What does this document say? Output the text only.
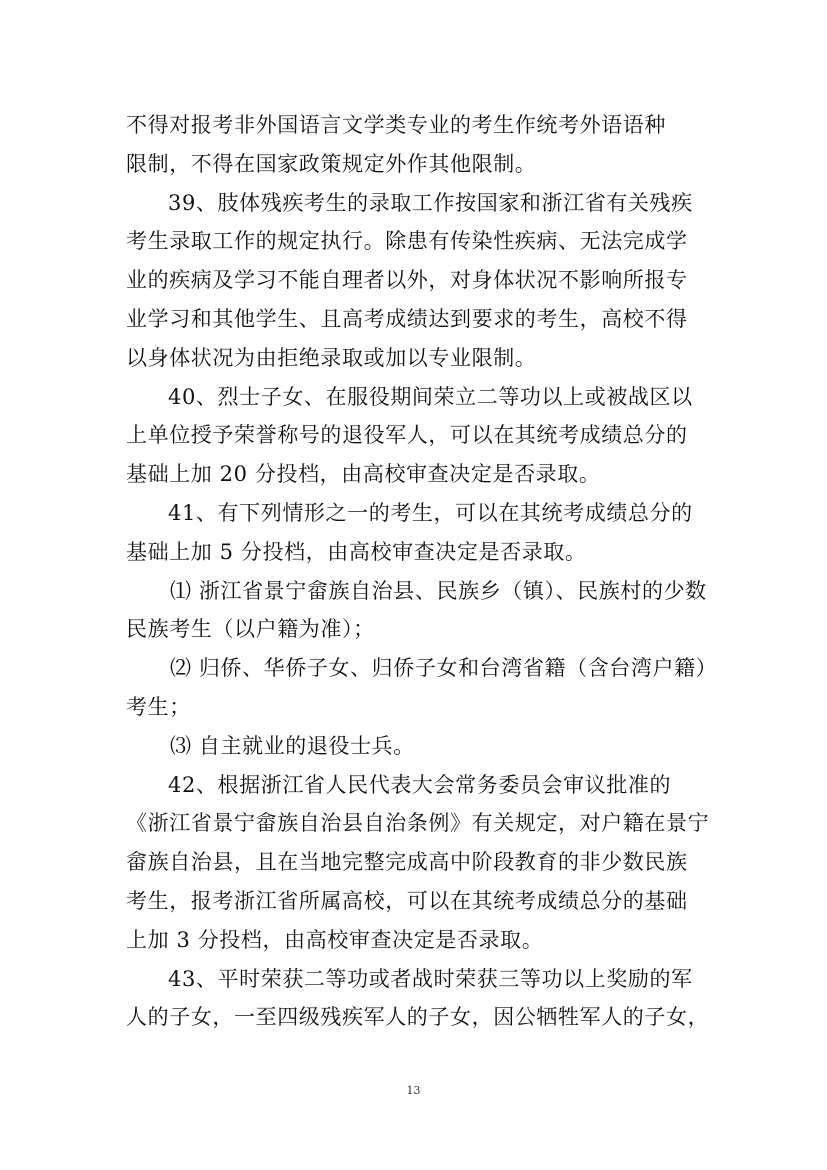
不得对报考非外国语言文学类专业的考生作统考外语语种
限制，不得在国家政策规定外作其他限制。
39、肢体残疾考生的录取工作按国家和浙江省有关残疾
考生录取工作的规定执行。除患有传染性疾病、无法完成学
业的疾病及学习不能自理者以外，对身体状况不影响所报专
业学习和其他学生、且高考成绩达到要求的考生，高校不得
以身体状况为由拒绝录取或加以专业限制。
40、烈士子女、在服役期间荣立二等功以上或被战区以
上单位授予荣誉称号的退役军人，可以在其统考成绩总分的
基础上加 20 分投档，由高校审查决定是否录取。
41、有下列情形之一的考生，可以在其统考成绩总分的
基础上加 5 分投档，由高校审查决定是否录取。
⑴ 浙江省景宁畲族自治县、民族乡（镇）、民族村的少数
民族考生（以户籍为准）；
⑵ 归侨、华侨子女、归侨子女和台湾省籍（含台湾户籍）
考生；
⑶ 自主就业的退役士兵。
42、根据浙江省人民代表大会常务委员会审议批准的
《浙江省景宁畲族自治县自治条例》有关规定，对户籍在景宁
畲族自治县，且在当地完整完成高中阶段教育的非少数民族
考生，报考浙江省所属高校，可以在其统考成绩总分的基础
上加 3 分投档，由高校审查决定是否录取。
43、平时荣获二等功或者战时荣获三等功以上奖励的军
人的子女，一至四级残疾军人的子女，因公牺牲军人的子女，
13
